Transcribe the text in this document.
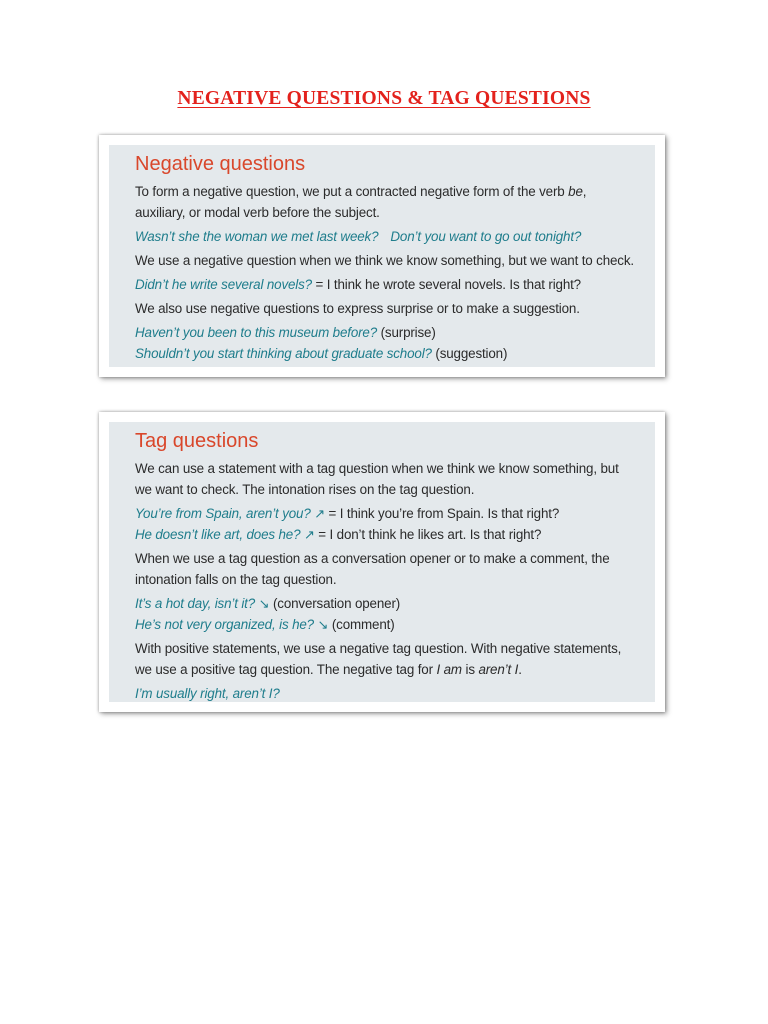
NEGATIVE QUESTIONS & TAG QUESTIONS
Negative questions

To form a negative question, we put a contracted negative form of the verb be,

auxiliary, or modal verb before the subject.

Wasn’t she the woman we met last week? Don’t you want to go out tonight?

We use a negative question when we think we know something, but we want to check.

Didn’t he write several novels? = I think he wrote several novels. Is that right?

We also use negative questions to express surprise or to make a suggestion.

Haven’t you been to this museum before? (surprise)

Shouldn’t you start thinking about graduate school? (suggestion)

Tag questions

We can use a statement with a tag question when we think we know something, but

we want to check. The intonation rises on the tag question.

You’re from Spain, aren’t you? ↗ = I think you’re from Spain. Is that right?

He doesn’t like art, does he? ↗ = I don’t think he likes art. Is that right?

When we use a tag question as a conversation opener or to make a comment, the

intonation falls on the tag question.

It’s a hot day, isn’t it? ↘ (conversation opener)

He’s not very organized, is he? ↘ (comment)

With positive statements, we use a negative tag question. With negative statements,

we use a positive tag question. The negative tag for I am is aren’t I.

I’m usually right, aren’t I?
